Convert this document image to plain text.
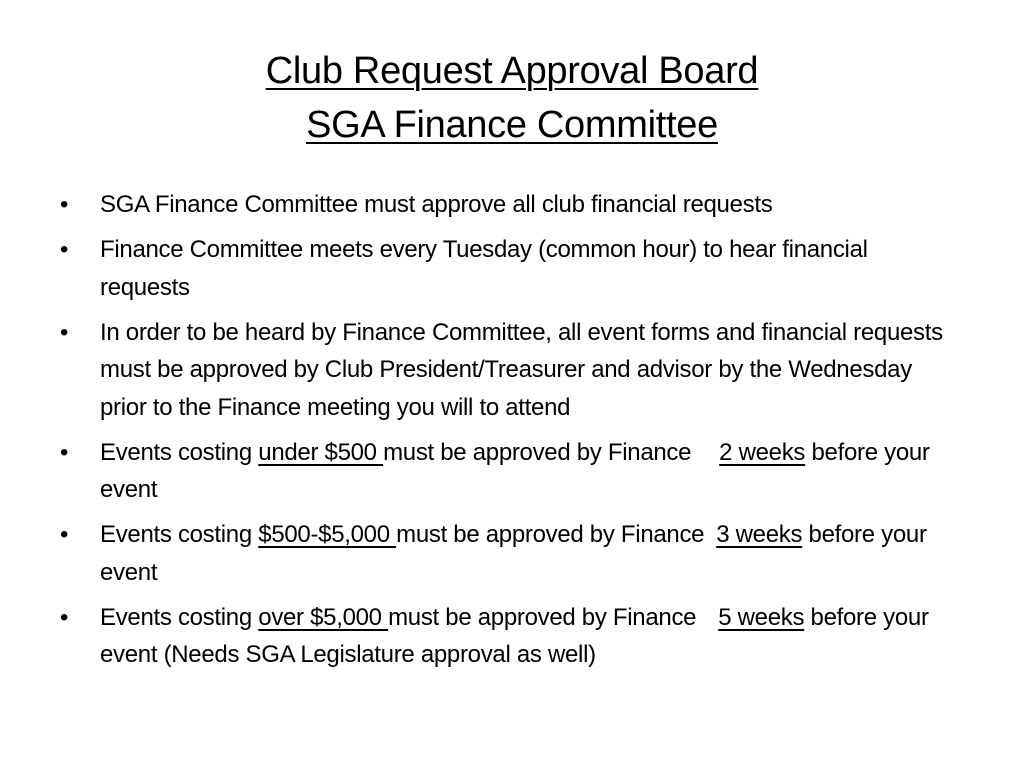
Club Request Approval Board
SGA Finance Committee
•	SGA Finance Committee must approve all club financial requests
•	Finance Committee meets every Tuesday (common hour) to hear financial requests
•	In order to be heard by Finance Committee, all event forms and financial requests must be approved by Club President/Treasurer and advisor by the Wednesday prior to the Finance meeting you will to attend
•	Events costing under $500 must be approved by Finance 2 weeks before your event
•	Events costing $500-$5,000 must be approved by Finance 3 weeks before your event
•	Events costing over $5,000 must be approved by Finance 5 weeks before your event (Needs SGA Legislature approval as well)
